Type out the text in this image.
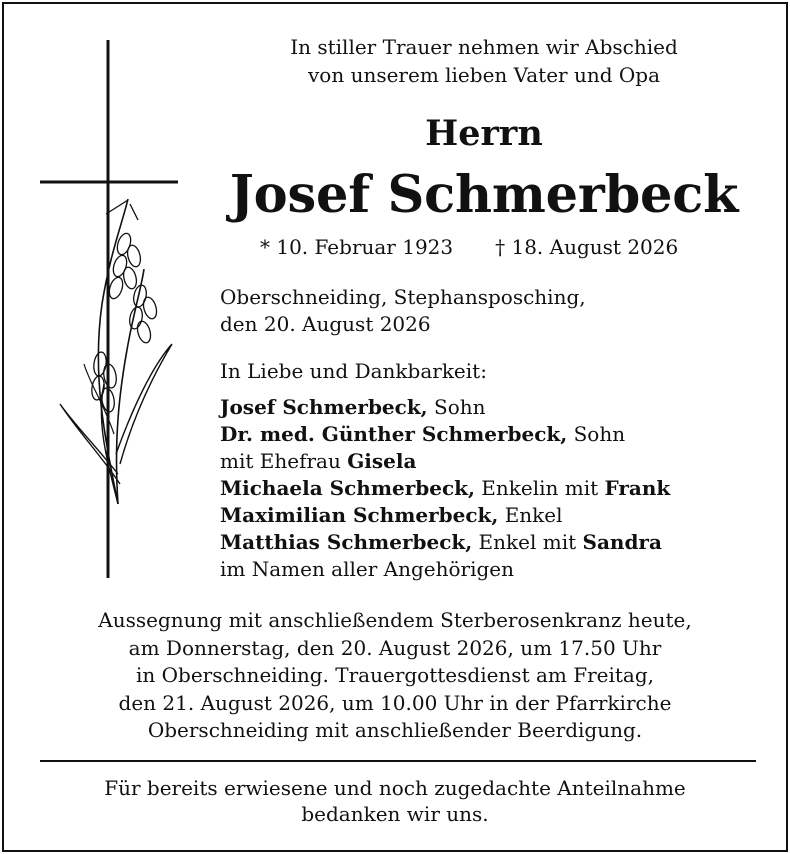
In stiller Trauer nehmen wir Abschied
von unserem lieben Vater und Opa
Herrn
Josef Schmerbeck
* 10. Februar 1923 † 18. August 2026
Oberschneiding, Stephansposching,
den 20. August 2026
In Liebe und Dankbarkeit:
Josef Schmerbeck, Sohn
Dr. med. Günther Schmerbeck, Sohn
mit Ehefrau Gisela
Michaela Schmerbeck, Enkelin mit Frank
Maximilian Schmerbeck, Enkel
Matthias Schmerbeck, Enkel mit Sandra
im Namen aller Angehörigen
Aussegnung mit anschließendem Sterberosenkranz heute,
am Donnerstag, den 20. August 2026, um 17.50 Uhr
in Oberschneiding. Trauergottesdienst am Freitag,
den 21. August 2026, um 10.00 Uhr in der Pfarrkirche
Oberschneiding mit anschließender Beerdigung.
Für bereits erwiesene und noch zugedachte Anteilnahme
bedanken wir uns.
